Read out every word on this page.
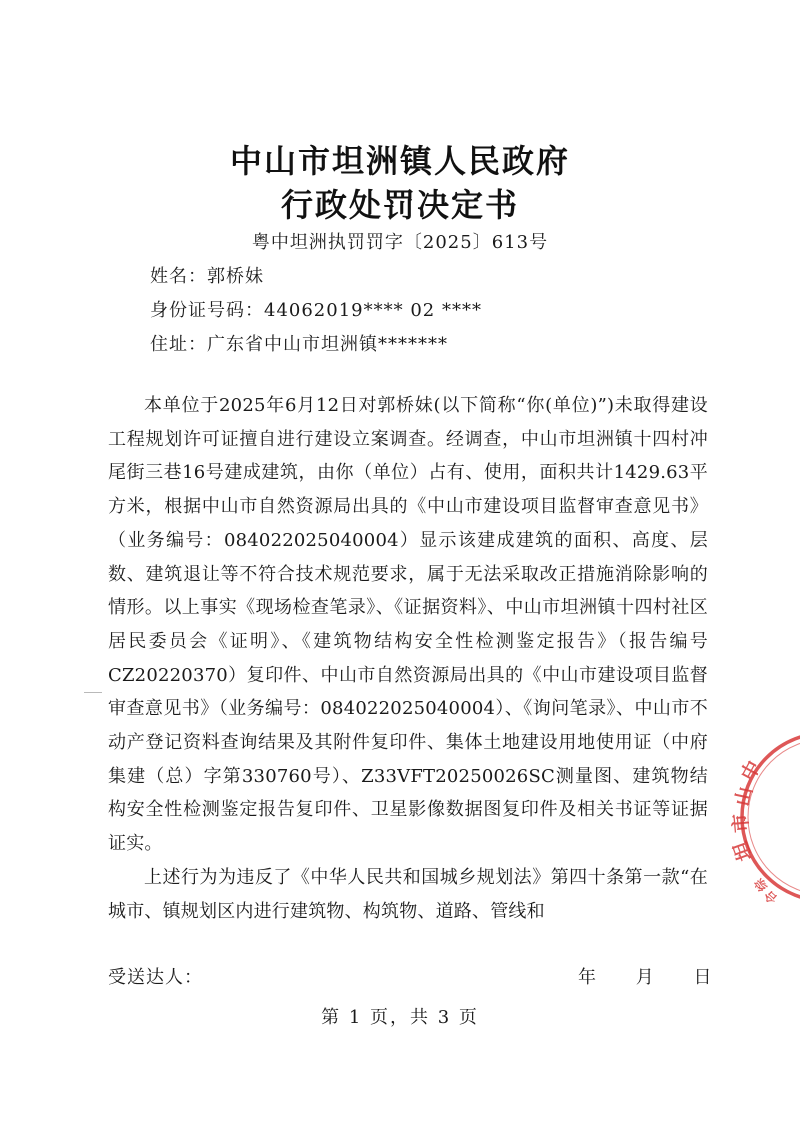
中山市坦洲镇人民政府
行政处罚决定书
粤中坦洲执罚罚字〔2025〕613号
姓名：郭桥妹
身份证号码：44062019**** 02 ****
住址：广东省中山市坦洲镇*******

本单位于2025年6月12日对郭桥妹(以下简称“你(单位)”)未取得建设工程规划许可证擅自进行建设立案调查。经调查，中山市坦洲镇十四村冲尾街三巷16号建成建筑，由你（单位）占有、使用，面积共计1429.63平方米，根据中山市自然资源局出具的《中山市建设项目监督审查意见书》（业务编号：084022025040004）显示该建成建筑的面积、高度、层数、建筑退让等不符合技术规范要求，属于无法采取改正措施消除影响的情形。以上事实《现场检查笔录》、《证据资料》、中山市坦洲镇十四村社区居民委员会《证明》、《建筑物结构安全性检测鉴定报告》（报告编号CZ20220370）复印件、中山市自然资源局出具的《中山市建设项目监督审查意见书》（业务编号：084022025040004）、《询问笔录》、中山市不动产登记资料查询结果及其附件复印件、集体土地建设用地使用证（中府集建（总）字第330760号）、Z33VFT20250026SC测量图、建筑物结构安全性检测鉴定报告复印件、卫星影像数据图复印件及相关书证等证据证实。

上述行为为违反了《中华人民共和国城乡规划法》第四十条第一款“在城市、镇规划区内进行建筑物、构筑物、道路、管线和

受送达人：	年 月 日
第 1 页，共 3 页
中
山
市
坦
综
合
